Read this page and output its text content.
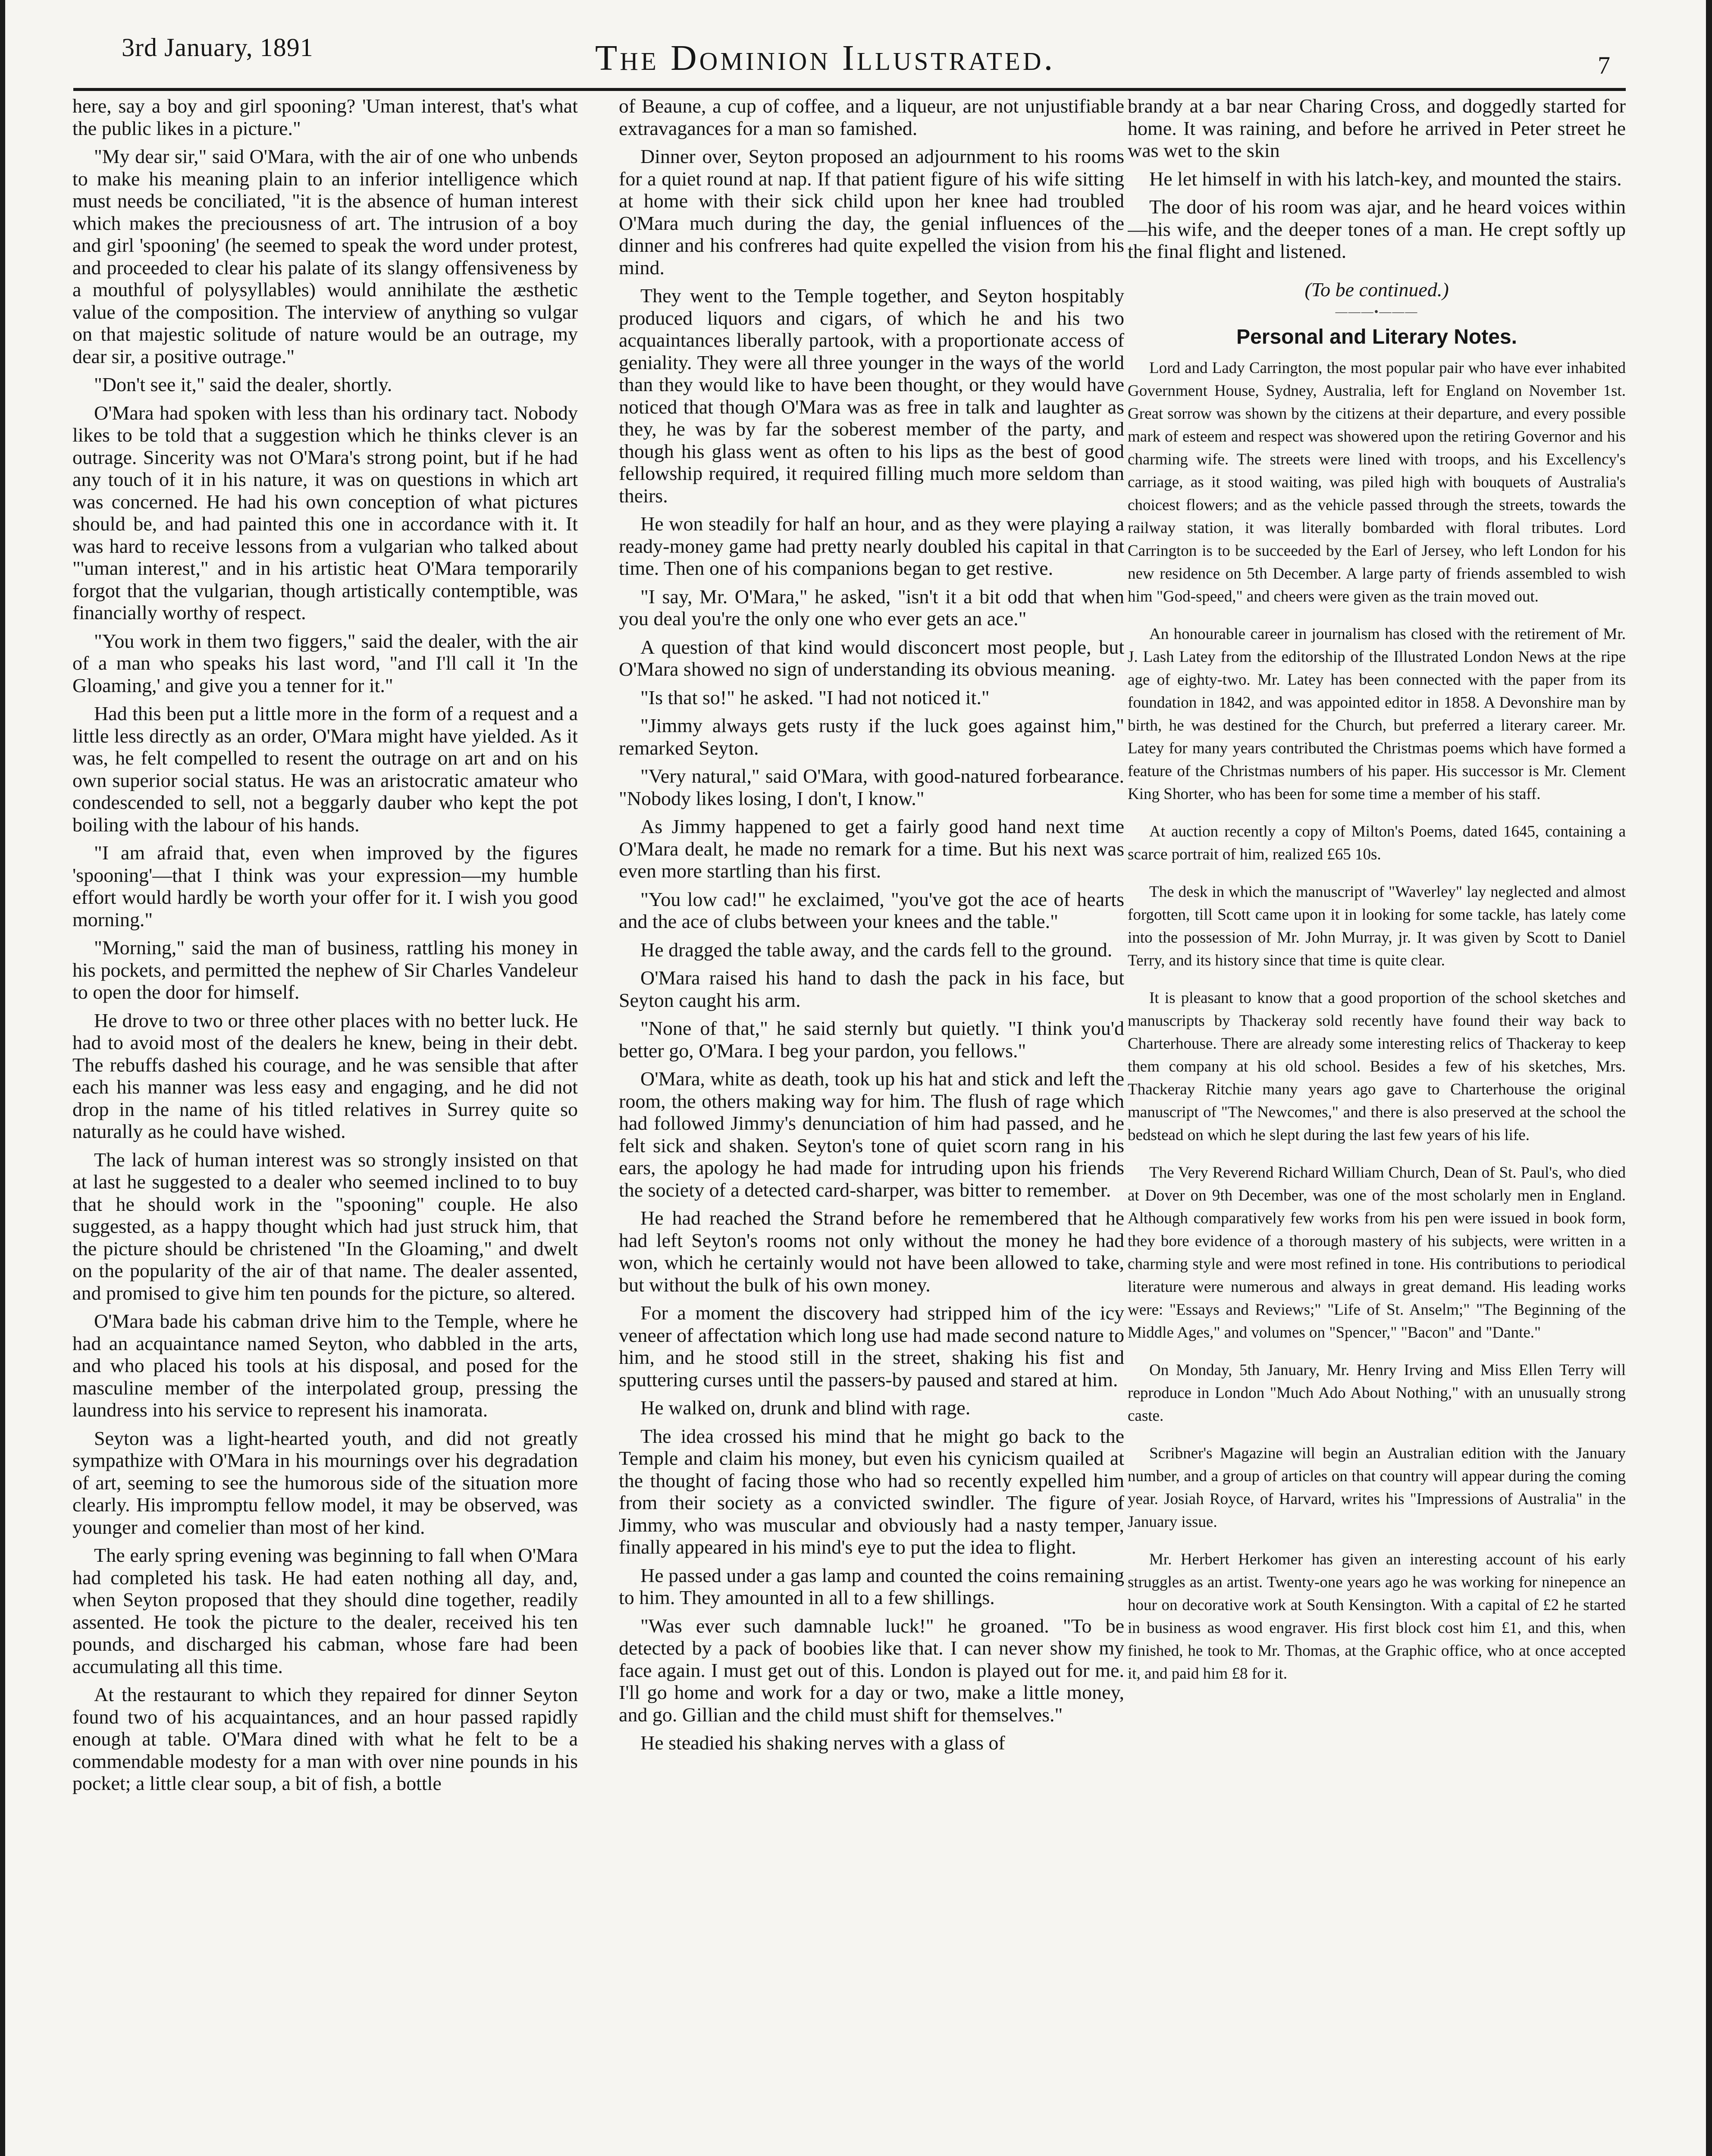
3rd January, 1891	The Dominion Illustrated.	7

here, say a boy and girl spooning? 'Uman interest, that's what the public likes in a picture."

"My dear sir," said O'Mara, with the air of one who unbends to make his meaning plain to an inferior intelligence which must needs be conciliated, "it is the absence of human interest which makes the preciousness of art. The intrusion of a boy and girl 'spooning' (he seemed to speak the word under protest, and proceeded to clear his palate of its slangy offensiveness by a mouthful of polysyllables) would annihilate the æsthetic value of the composition. The interview of anything so vulgar on that majestic solitude of nature would be an outrage, my dear sir, a positive outrage."

"Don't see it," said the dealer, shortly.

O'Mara had spoken with less than his ordinary tact. Nobody likes to be told that a suggestion which he thinks clever is an outrage. Sincerity was not O'Mara's strong point, but if he had any touch of it in his nature, it was on questions in which art was concerned. He had his own conception of what pictures should be, and had painted this one in accordance with it. It was hard to receive lessons from a vulgarian who talked about "'uman interest," and in his artistic heat O'Mara temporarily forgot that the vulgarian, though artistically contemptible, was financially worthy of respect.

"You work in them two figgers," said the dealer, with the air of a man who speaks his last word, "and I'll call it 'In the Gloaming,' and give you a tenner for it."

Had this been put a little more in the form of a request and a little less directly as an order, O'Mara might have yielded. As it was, he felt compelled to resent the outrage on art and on his own superior social status. He was an aristocratic amateur who condescended to sell, not a beggarly dauber who kept the pot boiling with the labour of his hands.

"I am afraid that, even when improved by the figures 'spooning'—that I think was your expression—my humble effort would hardly be worth your offer for it. I wish you good morning."

"Morning," said the man of business, rattling his money in his pockets, and permitted the nephew of Sir Charles Vandeleur to open the door for himself.

He drove to two or three other places with no better luck. He had to avoid most of the dealers he knew, being in their debt. The rebuffs dashed his courage, and he was sensible that after each his manner was less easy and engaging, and he did not drop in the name of his titled relatives in Surrey quite so naturally as he could have wished.

The lack of human interest was so strongly insisted on that at last he suggested to a dealer who seemed inclined to to buy that he should work in the "spooning" couple. He also suggested, as a happy thought which had just struck him, that the picture should be christened "In the Gloaming," and dwelt on the popularity of the air of that name. The dealer assented, and promised to give him ten pounds for the picture, so altered.

O'Mara bade his cabman drive him to the Temple, where he had an acquaintance named Seyton, who dabbled in the arts, and who placed his tools at his disposal, and posed for the masculine member of the interpolated group, pressing the laundress into his service to represent his inamorata.

Seyton was a light-hearted youth, and did not greatly sympathize with O'Mara in his mournings over his degradation of art, seeming to see the humorous side of the situation more clearly. His impromptu fellow model, it may be observed, was younger and comelier than most of her kind.

The early spring evening was beginning to fall when O'Mara had completed his task. He had eaten nothing all day, and, when Seyton proposed that they should dine together, readily assented. He took the picture to the dealer, received his ten pounds, and discharged his cabman, whose fare had been accumulating all this time.

At the restaurant to which they repaired for dinner Seyton found two of his acquaintances, and an hour passed rapidly enough at table. O'Mara dined with what he felt to be a commendable modesty for a man with over nine pounds in his pocket; a little clear soup, a bit of fish, a bottle

of Beaune, a cup of coffee, and a liqueur, are not unjustifiable extravagances for a man so famished.

Dinner over, Seyton proposed an adjournment to his rooms for a quiet round at nap. If that patient figure of his wife sitting at home with their sick child upon her knee had troubled O'Mara much during the day, the genial influences of the dinner and his confreres had quite expelled the vision from his mind.

They went to the Temple together, and Seyton hospitably produced liquors and cigars, of which he and his two acquaintances liberally partook, with a proportionate access of geniality. They were all three younger in the ways of the world than they would like to have been thought, or they would have noticed that though O'Mara was as free in talk and laughter as they, he was by far the soberest member of the party, and though his glass went as often to his lips as the best of good fellowship required, it required filling much more seldom than theirs.

He won steadily for half an hour, and as they were playing a ready-money game had pretty nearly doubled his capital in that time. Then one of his companions began to get restive.

"I say, Mr. O'Mara," he asked, "isn't it a bit odd that when you deal you're the only one who ever gets an ace."

A question of that kind would disconcert most people, but O'Mara showed no sign of understanding its obvious meaning.

"Is that so!" he asked. "I had not noticed it."

"Jimmy always gets rusty if the luck goes against him," remarked Seyton.

"Very natural," said O'Mara, with good-natured forbearance. "Nobody likes losing, I don't, I know."

As Jimmy happened to get a fairly good hand next time O'Mara dealt, he made no remark for a time. But his next was even more startling than his first.

"You low cad!" he exclaimed, "you've got the ace of hearts and the ace of clubs between your knees and the table."

He dragged the table away, and the cards fell to the ground.

O'Mara raised his hand to dash the pack in his face, but Seyton caught his arm.

"None of that," he said sternly but quietly. "I think you'd better go, O'Mara. I beg your pardon, you fellows."

O'Mara, white as death, took up his hat and stick and left the room, the others making way for him. The flush of rage which had followed Jimmy's denunciation of him had passed, and he felt sick and shaken. Seyton's tone of quiet scorn rang in his ears, the apology he had made for intruding upon his friends the society of a detected card-sharper, was bitter to remember.

He had reached the Strand before he remembered that he had left Seyton's rooms not only without the money he had won, which he certainly would not have been allowed to take, but without the bulk of his own money.

For a moment the discovery had stripped him of the icy veneer of affectation which long use had made second nature to him, and he stood still in the street, shaking his fist and sputtering curses until the passers-by paused and stared at him.

He walked on, drunk and blind with rage.

The idea crossed his mind that he might go back to the Temple and claim his money, but even his cynicism quailed at the thought of facing those who had so recently expelled him from their society as a convicted swindler. The figure of Jimmy, who was muscular and obviously had a nasty temper, finally appeared in his mind's eye to put the idea to flight.

He passed under a gas lamp and counted the coins remaining to him. They amounted in all to a few shillings.

"Was ever such damnable luck!" he groaned. "To be detected by a pack of boobies like that. I can never show my face again. I must get out of this. London is played out for me. I'll go home and work for a day or two, make a little money, and go. Gillian and the child must shift for themselves."

He steadied his shaking nerves with a glass of

brandy at a bar near Charing Cross, and doggedly started for home. It was raining, and before he arrived in Peter street he was wet to the skin

He let himself in with his latch-key, and mounted the stairs.

The door of his room was ajar, and he heard voices within—his wife, and the deeper tones of a man. He crept softly up the final flight and listened.

(To be continued.)
———•———
Personal and Literary Notes.

Lord and Lady Carrington, the most popular pair who have ever inhabited Government House, Sydney, Australia, left for England on November 1st. Great sorrow was shown by the citizens at their departure, and every possible mark of esteem and respect was showered upon the retiring Governor and his charming wife. The streets were lined with troops, and his Excellency's carriage, as it stood waiting, was piled high with bouquets of Australia's choicest flowers; and as the vehicle passed through the streets, towards the railway station, it was literally bombarded with floral tributes. Lord Carrington is to be succeeded by the Earl of Jersey, who left London for his new residence on 5th December. A large party of friends assembled to wish him "God-speed," and cheers were given as the train moved out.

An honourable career in journalism has closed with the retirement of Mr. J. Lash Latey from the editorship of the Illustrated London News at the ripe age of eighty-two. Mr. Latey has been connected with the paper from its foundation in 1842, and was appointed editor in 1858. A Devonshire man by birth, he was destined for the Church, but preferred a literary career. Mr. Latey for many years contributed the Christmas poems which have formed a feature of the Christmas numbers of his paper. His successor is Mr. Clement King Shorter, who has been for some time a member of his staff.

At auction recently a copy of Milton's Poems, dated 1645, containing a scarce portrait of him, realized £65 10s.

The desk in which the manuscript of "Waverley" lay neglected and almost forgotten, till Scott came upon it in looking for some tackle, has lately come into the possession of Mr. John Murray, jr. It was given by Scott to Daniel Terry, and its history since that time is quite clear.

It is pleasant to know that a good proportion of the school sketches and manuscripts by Thackeray sold recently have found their way back to Charterhouse. There are already some interesting relics of Thackeray to keep them company at his old school. Besides a few of his sketches, Mrs. Thackeray Ritchie many years ago gave to Charterhouse the original manuscript of "The Newcomes," and there is also preserved at the school the bedstead on which he slept during the last few years of his life.

The Very Reverend Richard William Church, Dean of St. Paul's, who died at Dover on 9th December, was one of the most scholarly men in England. Although comparatively few works from his pen were issued in book form, they bore evidence of a thorough mastery of his subjects, were written in a charming style and were most refined in tone. His contributions to periodical literature were numerous and always in great demand. His leading works were: "Essays and Reviews;" "Life of St. Anselm;" "The Beginning of the Middle Ages," and volumes on "Spencer," "Bacon" and "Dante."

On Monday, 5th January, Mr. Henry Irving and Miss Ellen Terry will reproduce in London "Much Ado About Nothing," with an unusually strong caste.

Scribner's Magazine will begin an Australian edition with the January number, and a group of articles on that country will appear during the coming year. Josiah Royce, of Harvard, writes his "Impressions of Australia" in the January issue.

Mr. Herbert Herkomer has given an interesting account of his early struggles as an artist. Twenty-one years ago he was working for ninepence an hour on decorative work at South Kensington. With a capital of £2 he started in business as wood engraver. His first block cost him £1, and this, when finished, he took to Mr. Thomas, at the Graphic office, who at once accepted it, and paid him £8 for it.
